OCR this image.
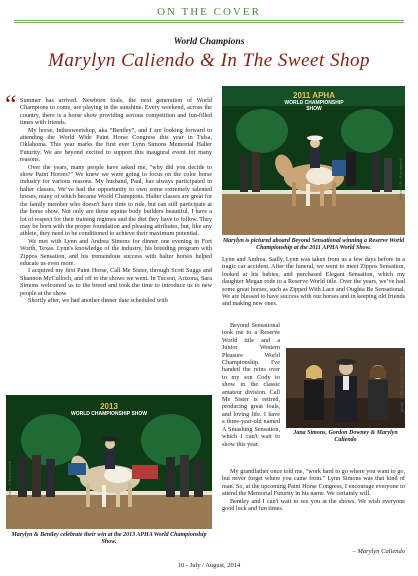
ON THE COVER
World Champions
Marylyn Caliendo & In The Sweet Shop
“ Summer has arrived. Newborn foals, the next generation of World Champions to come, are playing in the sunshine. Every weekend, across the country, there is a horse show providing serious competition and fun-filled times with friends.

My horse, Inthesweetshop, aka “Bentley”, and I are looking forward to attending the World Wide Paint Horse Congress this year in Tulsa, Oklahoma. This year marks the first ever Lynn Simons Memorial Halter Futurity. We are beyond excited to support this inaugural event for many reasons.

Over the years, many people have asked me, "why did you decide to show Paint Horses?" We knew we were going to focus on the color horse industry for various reasons. My husband, Paul, has always participated in halter classes. We’ve had the opportunity to own some extremely talented horses, many of which became World Champions. Halter classes are great for the family member who doesn't have time to ride, but can still participate at the horse show. Not only are these equine body builders beautiful, I have a lot of respect for their training regimes and the diet they have to follow. They may be born with the proper foundation and pleasing attributes, but, like any athlete, they need to be conditioned to achieve their maximum potential.

We met with Lynn and Andrea Simons for dinner one evening in Fort Worth, Texas. Lynn's knowledge of the industry, his breeding program with Zippos Sensation, and his tremendous success with halter horses helped educate us even more.

I acquired my first Paint Horse, Call Me Sister, through Scott Suggs and Shannon McCulloch, and off to the shows we went. In Tucson, Arizona, Sara Simons welcomed us to the breed and took the time to introduce us to new people at the show.

Shortly after, we had another dinner date scheduled with

2011 APHA
WORLD CHAMPIONSHIP SHOW
photo ©K. Kaczmarek
Marylyn is pictured aboard Beyond Sensational winning a Reserve World Championship at the 2011 APHA World Show.

Lynn and Andrea. Sadly, Lynn was taken from us a few days before in a tragic car accident. After the funeral, we went to meet Zippos Sensation, looked at his babies, and purchased Elegant Sensation, which my daughter Megan rode to a Reserve World title. Over the years, we’ve had some great horses, such as Zipped With Lace and Oughta Be Sensational. We are blessed to have success with our horses and in keeping old friends and making new ones.

Beyond Sensational took me to a Reserve World title and a Junior Western Pleasure World Championship. I've handed the reins over to my son Cody to show in the classic amateur division. Call Me Sister is retired, producing great foals, and loving life. I have a three-year-old named A Smashing Sensation, which I can't wait to show this year.

My grandfather once told me, "work hard to go where you want to go, but never forget where you came from." Lynn Simons was that kind of man. So, at the upcoming Paint Horse Congress, I encourage everyone to attend the Memorial Futurity in his name. We certainly will.

Bentley and I can't wait to see you at the shows. We wish everyone good luck and fun times.

– Marylyn Caliendo
photo ©The Equine Chronicle
Jana Simons, Gordon Downey & Marylyn Caliendo
2013
WORLD CHAMPIONSHIP SHOW
photo ©Kaczmarek
Marylyn & Bentley celebrate their win at the 2013 APHA World Championship Show.
10 - July / August, 2014
